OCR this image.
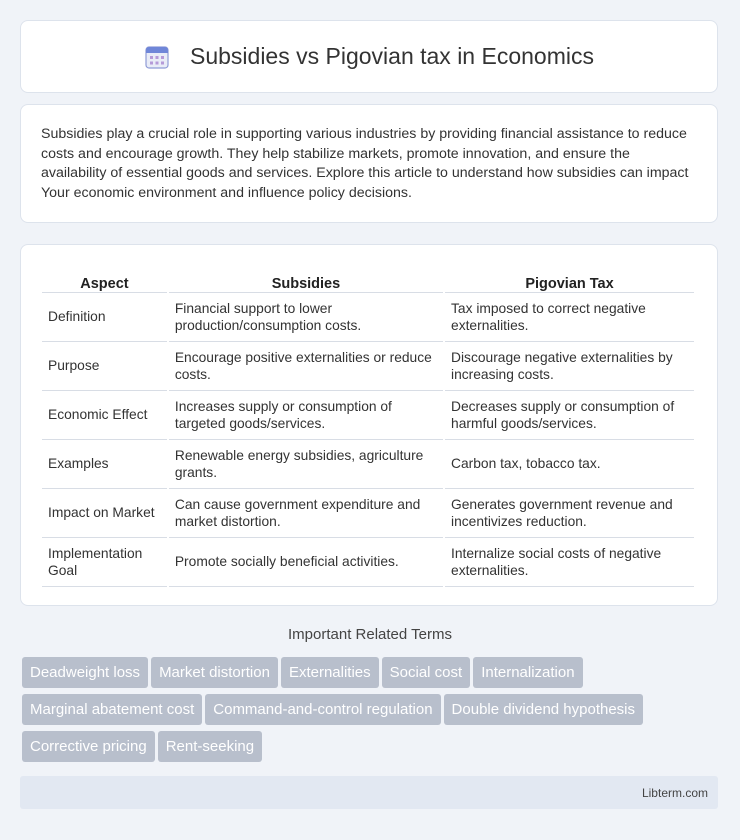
Subsidies vs Pigovian tax in Economics

Subsidies play a crucial role in supporting various industries by providing financial assistance to reduce costs and encourage growth. They help stabilize markets, promote innovation, and ensure the availability of essential goods and services. Explore this article to understand how subsidies can impact Your economic environment and influence policy decisions.

Aspect	Subsidies	Pigovian Tax
Definition	Financial support to lower production/consumption costs.	Tax imposed to correct negative externalities.
Purpose	Encourage positive externalities or reduce costs.	Discourage negative externalities by increasing costs.
Economic Effect	Increases supply or consumption of targeted goods/services.	Decreases supply or consumption of harmful goods/services.
Examples	Renewable energy subsidies, agriculture grants.	Carbon tax, tobacco tax.
Impact on Market	Can cause government expenditure and market distortion.	Generates government revenue and incentivizes reduction.
Implementation Goal	Promote socially beneficial activities.	Internalize social costs of negative externalities.
Important Related Terms
Deadweight loss Market distortion Externalities Social cost Internalization
Marginal abatement cost Command-and-control regulation Double dividend hypothesis
Corrective pricing Rent-seeking
Libterm.com
